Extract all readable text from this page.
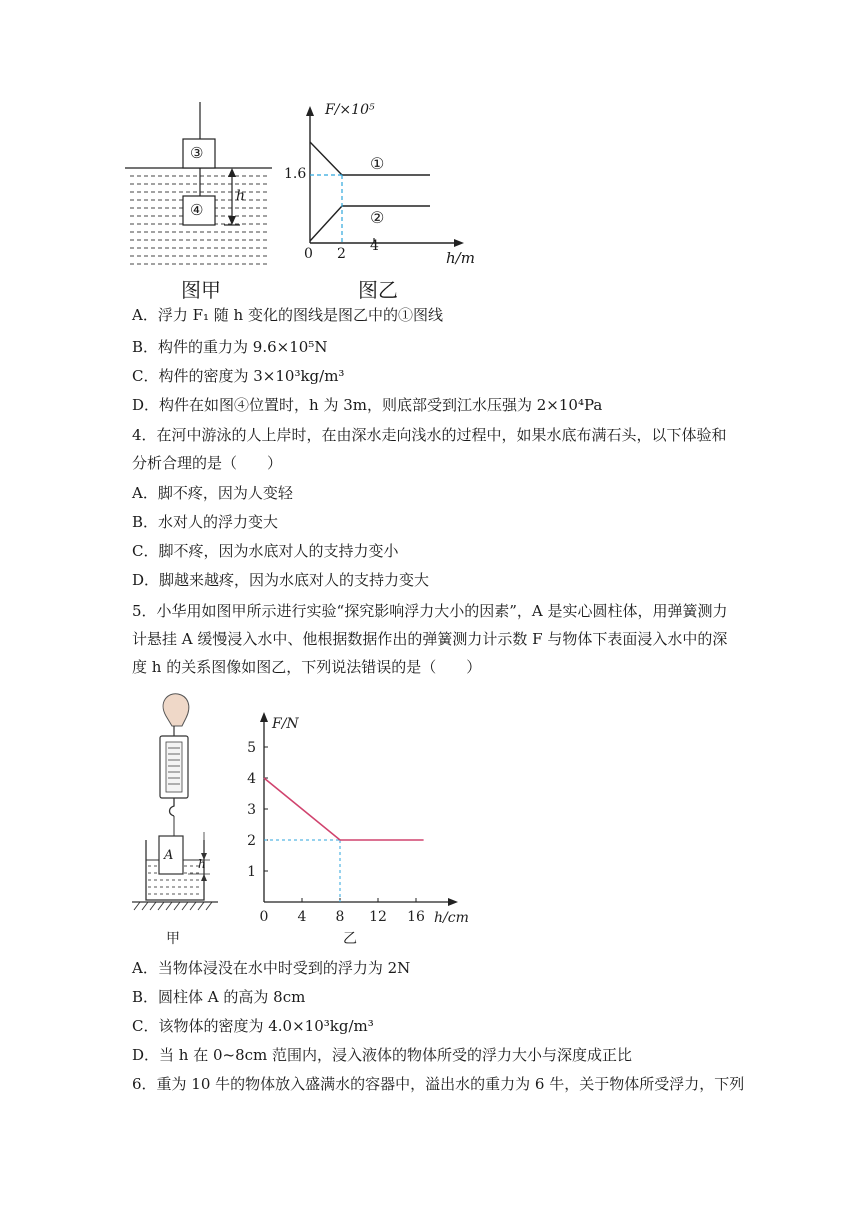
③
④
h
F/×10⁵
1.6
0 2 4
h/m
①
②
图甲	图乙
A．浮力 F₁ 随 h 变化的图线是图乙中的①图线
B．构件的重力为 9.6×10⁵N
C．构件的密度为 3×10³kg/m³
D．构件在如图④位置时，h 为 3m，则底部受到江水压强为 2×10⁴Pa
4．在河中游泳的人上岸时，在由深水走向浅水的过程中，如果水底布满石头，以下体验和分析合理的是（　　）
A．脚不疼，因为人变轻
B．水对人的浮力变大
C．脚不疼，因为水底对人的支持力变小
D．脚越来越疼，因为水底对人的支持力变大
5．小华用如图甲所示进行实验“探究影响浮力大小的因素”，A 是实心圆柱体，用弹簧测力计悬挂 A 缓慢浸入水中、他根据数据作出的弹簧测力计示数 F 与物体下表面浸入水中的深度 h 的关系图像如图乙，下列说法错误的是（　　）
A
h
甲
1
2
3
4
5
0 4 8 12 16
F/N
h/cm
乙
A．当物体浸没在水中时受到的浮力为 2N
B．圆柱体 A 的高为 8cm
C．该物体的密度为 4.0×10³kg/m³
D．当 h 在 0~8cm 范围内，浸入液体的物体所受的浮力大小与深度成正比
6．重为 10 牛的物体放入盛满水的容器中，溢出水的重力为 6 牛，关于物体所受浮力，下列
